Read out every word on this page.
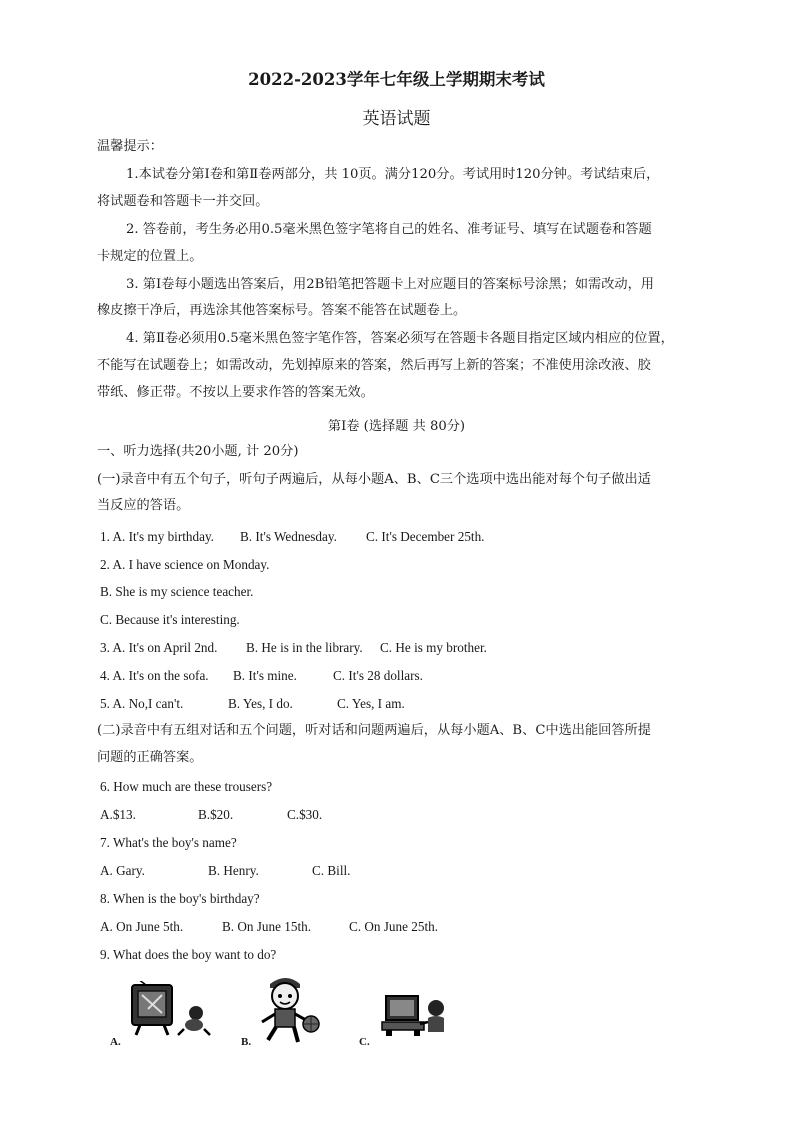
2022-2023学年七年级上学期期末考试
英语试题
温馨提示：
1.本试卷分第Ⅰ卷和第Ⅱ卷两部分，共 10页。满分120分。考试用时120分钟。考试结束后，
将试题卷和答题卡一并交回。
2. 答卷前，考生务必用0.5毫米黑色签字笔将自己的姓名、准考证号、填写在试题卷和答题
卡规定的位置上。
3. 第Ⅰ卷每小题选出答案后，用2B铅笔把答题卡上对应题目的答案标号涂黑；如需改动，用
橡皮擦干净后，再选涂其他答案标号。答案不能答在试题卷上。
4. 第Ⅱ卷必须用0.5毫米黑色签字笔作答，答案必须写在答题卡各题目指定区域内相应的位置，
不能写在试题卷上；如需改动，先划掉原来的答案，然后再写上新的答案；不准使用涂改液、胶
带纸、修正带。不按以上要求作答的答案无效。
第Ⅰ卷 (选择题 共 80分)
一、听力选择(共20小题, 计 20分)
(一)录音中有五个句子，听句子两遍后，从每小题A、B、C三个选项中选出能对每个句子做出适
当反应的答语。
1. A. It's my birthday. B. It's Wednesday. C. It's December 25th.
2. A. I have science on Monday.
B. She is my science teacher.
C. Because it's interesting.
3. A. It's on April 2nd. B. He is in the library. C. He is my brother.
4. A. It's on the sofa. B. It's mine.	C. It's 28 dollars.
5. A. No,I can't.	B. Yes, I do.	C. Yes, I am.
(二)录音中有五组对话和五个问题，听对话和问题两遍后，从每小题A、B、C中选出能回答所提
问题的正确答案。
6. How much are these trousers?
A.$13.	B.$20.	C.$30.
7. What's the boy's name?
A. Gary.	B. Henry.	C. Bill.
8. When is the boy's birthday?
A. On June 5th.	B. On June 15th.	C. On June 25th.
9. What does the boy want to do?
A.	B.	C.
